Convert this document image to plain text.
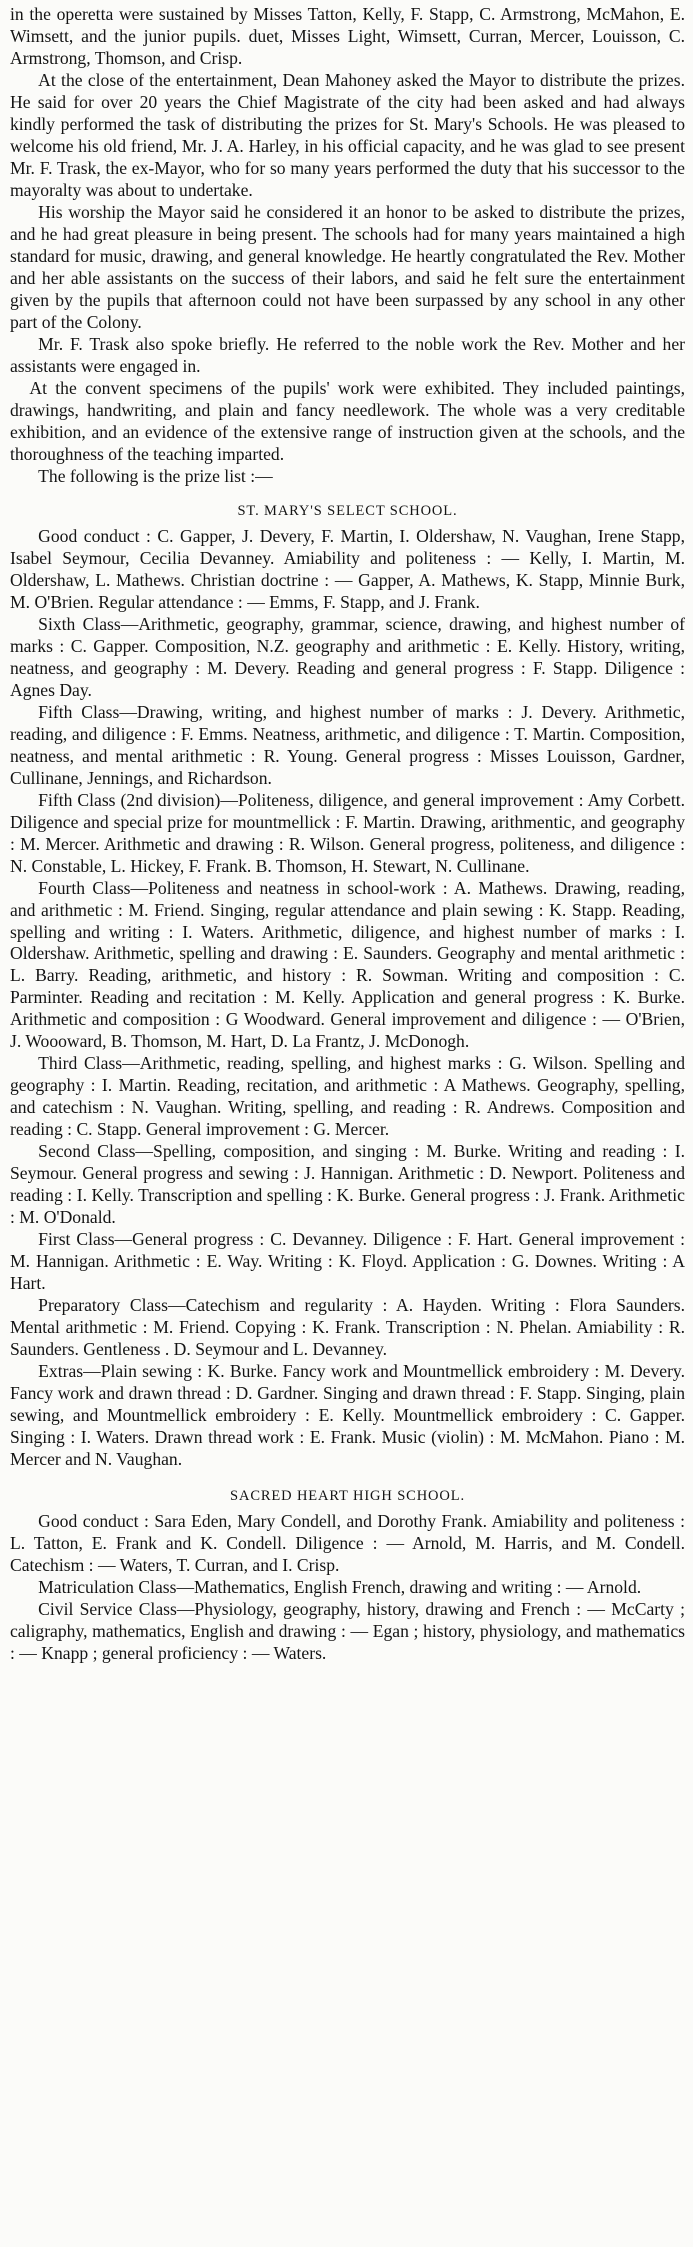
in the operetta were sustained by Misses Tatton, Kelly, F. Stapp, C. Armstrong, McMahon, E. Wimsett, and the junior pupils. duet, Misses Light, Wimsett, Curran, Mercer, Louisson, C. Armstrong, Thomson, and Crisp.

At the close of the entertainment, Dean Mahoney asked the Mayor to distribute the prizes. He said for over 20 years the Chief Magistrate of the city had been asked and had always kindly performed the task of distributing the prizes for St. Mary's Schools. He was pleased to welcome his old friend, Mr. J. A. Harley, in his official capacity, and he was glad to see present Mr. F. Trask, the ex-Mayor, who for so many years performed the duty that his successor to the mayoralty was about to undertake.

His worship the Mayor said he considered it an honor to be asked to distribute the prizes, and he had great pleasure in being present. The schools had for many years maintained a high standard for music, drawing, and general knowledge. He heartly congratulated the Rev. Mother and her able assistants on the success of their labors, and said he felt sure the entertainment given by the pupils that afternoon could not have been surpassed by any school in any other part of the Colony.

Mr. F. Trask also spoke briefly. He referred to the noble work the Rev. Mother and her assistants were engaged in.

At the convent specimens of the pupils' work were exhibited. They included paintings, drawings, handwriting, and plain and fancy needlework. The whole was a very creditable exhibition, and an evidence of the extensive range of instruction given at the schools, and the thoroughness of the teaching imparted.

The following is the prize list :—

ST. MARY'S SELECT SCHOOL.

Good conduct : C. Gapper, J. Devery, F. Martin, I. Oldershaw, N. Vaughan, Irene Stapp, Isabel Seymour, Cecilia Devanney. Amiability and politeness : — Kelly, I. Martin, M. Oldershaw, L. Mathews. Christian doctrine : — Gapper, A. Mathews, K. Stapp, Minnie Burk, M. O'Brien. Regular attendance : — Emms, F. Stapp, and J. Frank.

Sixth Class—Arithmetic, geography, grammar, science, drawing, and highest number of marks : C. Gapper. Composition, N.Z. geography and arithmetic : E. Kelly. History, writing, neatness, and geography : M. Devery. Reading and general progress : F. Stapp. Diligence : Agnes Day.

Fifth Class—Drawing, writing, and highest number of marks : J. Devery. Arithmetic, reading, and diligence : F. Emms. Neatness, arithmetic, and diligence : T. Martin. Composition, neatness, and mental arithmetic : R. Young. General progress : Misses Louisson, Gardner, Cullinane, Jennings, and Richardson.

Fifth Class (2nd division)—Politeness, diligence, and general improvement : Amy Corbett. Diligence and special prize for mountmellick : F. Martin. Drawing, arithmentic, and geography : M. Mercer. Arithmetic and drawing : R. Wilson. General progress, politeness, and diligence : N. Constable, L. Hickey, F. Frank. B. Thomson, H. Stewart, N. Cullinane.

Fourth Class—Politeness and neatness in school-work : A. Mathews. Drawing, reading, and arithmetic : M. Friend. Singing, regular attendance and plain sewing : K. Stapp. Reading, spelling and writing : I. Waters. Arithmetic, diligence, and highest number of marks : I. Oldershaw. Arithmetic, spelling and drawing : E. Saunders. Geography and mental arithmetic : L. Barry. Reading, arithmetic, and history : R. Sowman. Writing and composition : C. Parminter. Reading and recitation : M. Kelly. Application and general progress : K. Burke. Arithmetic and composition : G Woodward. General improvement and diligence : — O'Brien, J. Woooward, B. Thomson, M. Hart, D. La Frantz, J. McDonogh.

Third Class—Arithmetic, reading, spelling, and highest marks : G. Wilson. Spelling and geography : I. Martin. Reading, recitation, and arithmetic : A Mathews. Geography, spelling, and catechism : N. Vaughan. Writing, spelling, and reading : R. Andrews. Composition and reading : C. Stapp. General improvement : G. Mercer.

Second Class—Spelling, composition, and singing : M. Burke. Writing and reading : I. Seymour. General progress and sewing : J. Hannigan. Arithmetic : D. Newport. Politeness and reading : I. Kelly. Transcription and spelling : K. Burke. General progress : J. Frank. Arithmetic : M. O'Donald.

First Class—General progress : C. Devanney. Diligence : F. Hart. General improvement : M. Hannigan. Arithmetic : E. Way. Writing : K. Floyd. Application : G. Downes. Writing : A Hart.

Preparatory Class—Catechism and regularity : A. Hayden. Writing : Flora Saunders. Mental arithmetic : M. Friend. Copying : K. Frank. Transcription : N. Phelan. Amiability : R. Saunders. Gentleness . D. Seymour and L. Devanney.

Extras—Plain sewing : K. Burke. Fancy work and Mountmellick embroidery : M. Devery. Fancy work and drawn thread : D. Gardner. Singing and drawn thread : F. Stapp. Singing, plain sewing, and Mountmellick embroidery : E. Kelly. Mountmellick embroidery : C. Gapper. Singing : I. Waters. Drawn thread work : E. Frank. Music (violin) : M. McMahon. Piano : M. Mercer and N. Vaughan.

SACRED HEART HIGH SCHOOL.

Good conduct : Sara Eden, Mary Condell, and Dorothy Frank. Amiability and politeness : L. Tatton, E. Frank and K. Condell. Diligence : — Arnold, M. Harris, and M. Condell. Catechism : — Waters, T. Curran, and I. Crisp.

Matriculation Class—Mathematics, English French, drawing and writing : — Arnold.

Civil Service Class—Physiology, geography, history, drawing and French : — McCarty ; caligraphy, mathematics, English and drawing : — Egan ; history, physiology, and mathematics : — Knapp ; general proficiency : — Waters.
